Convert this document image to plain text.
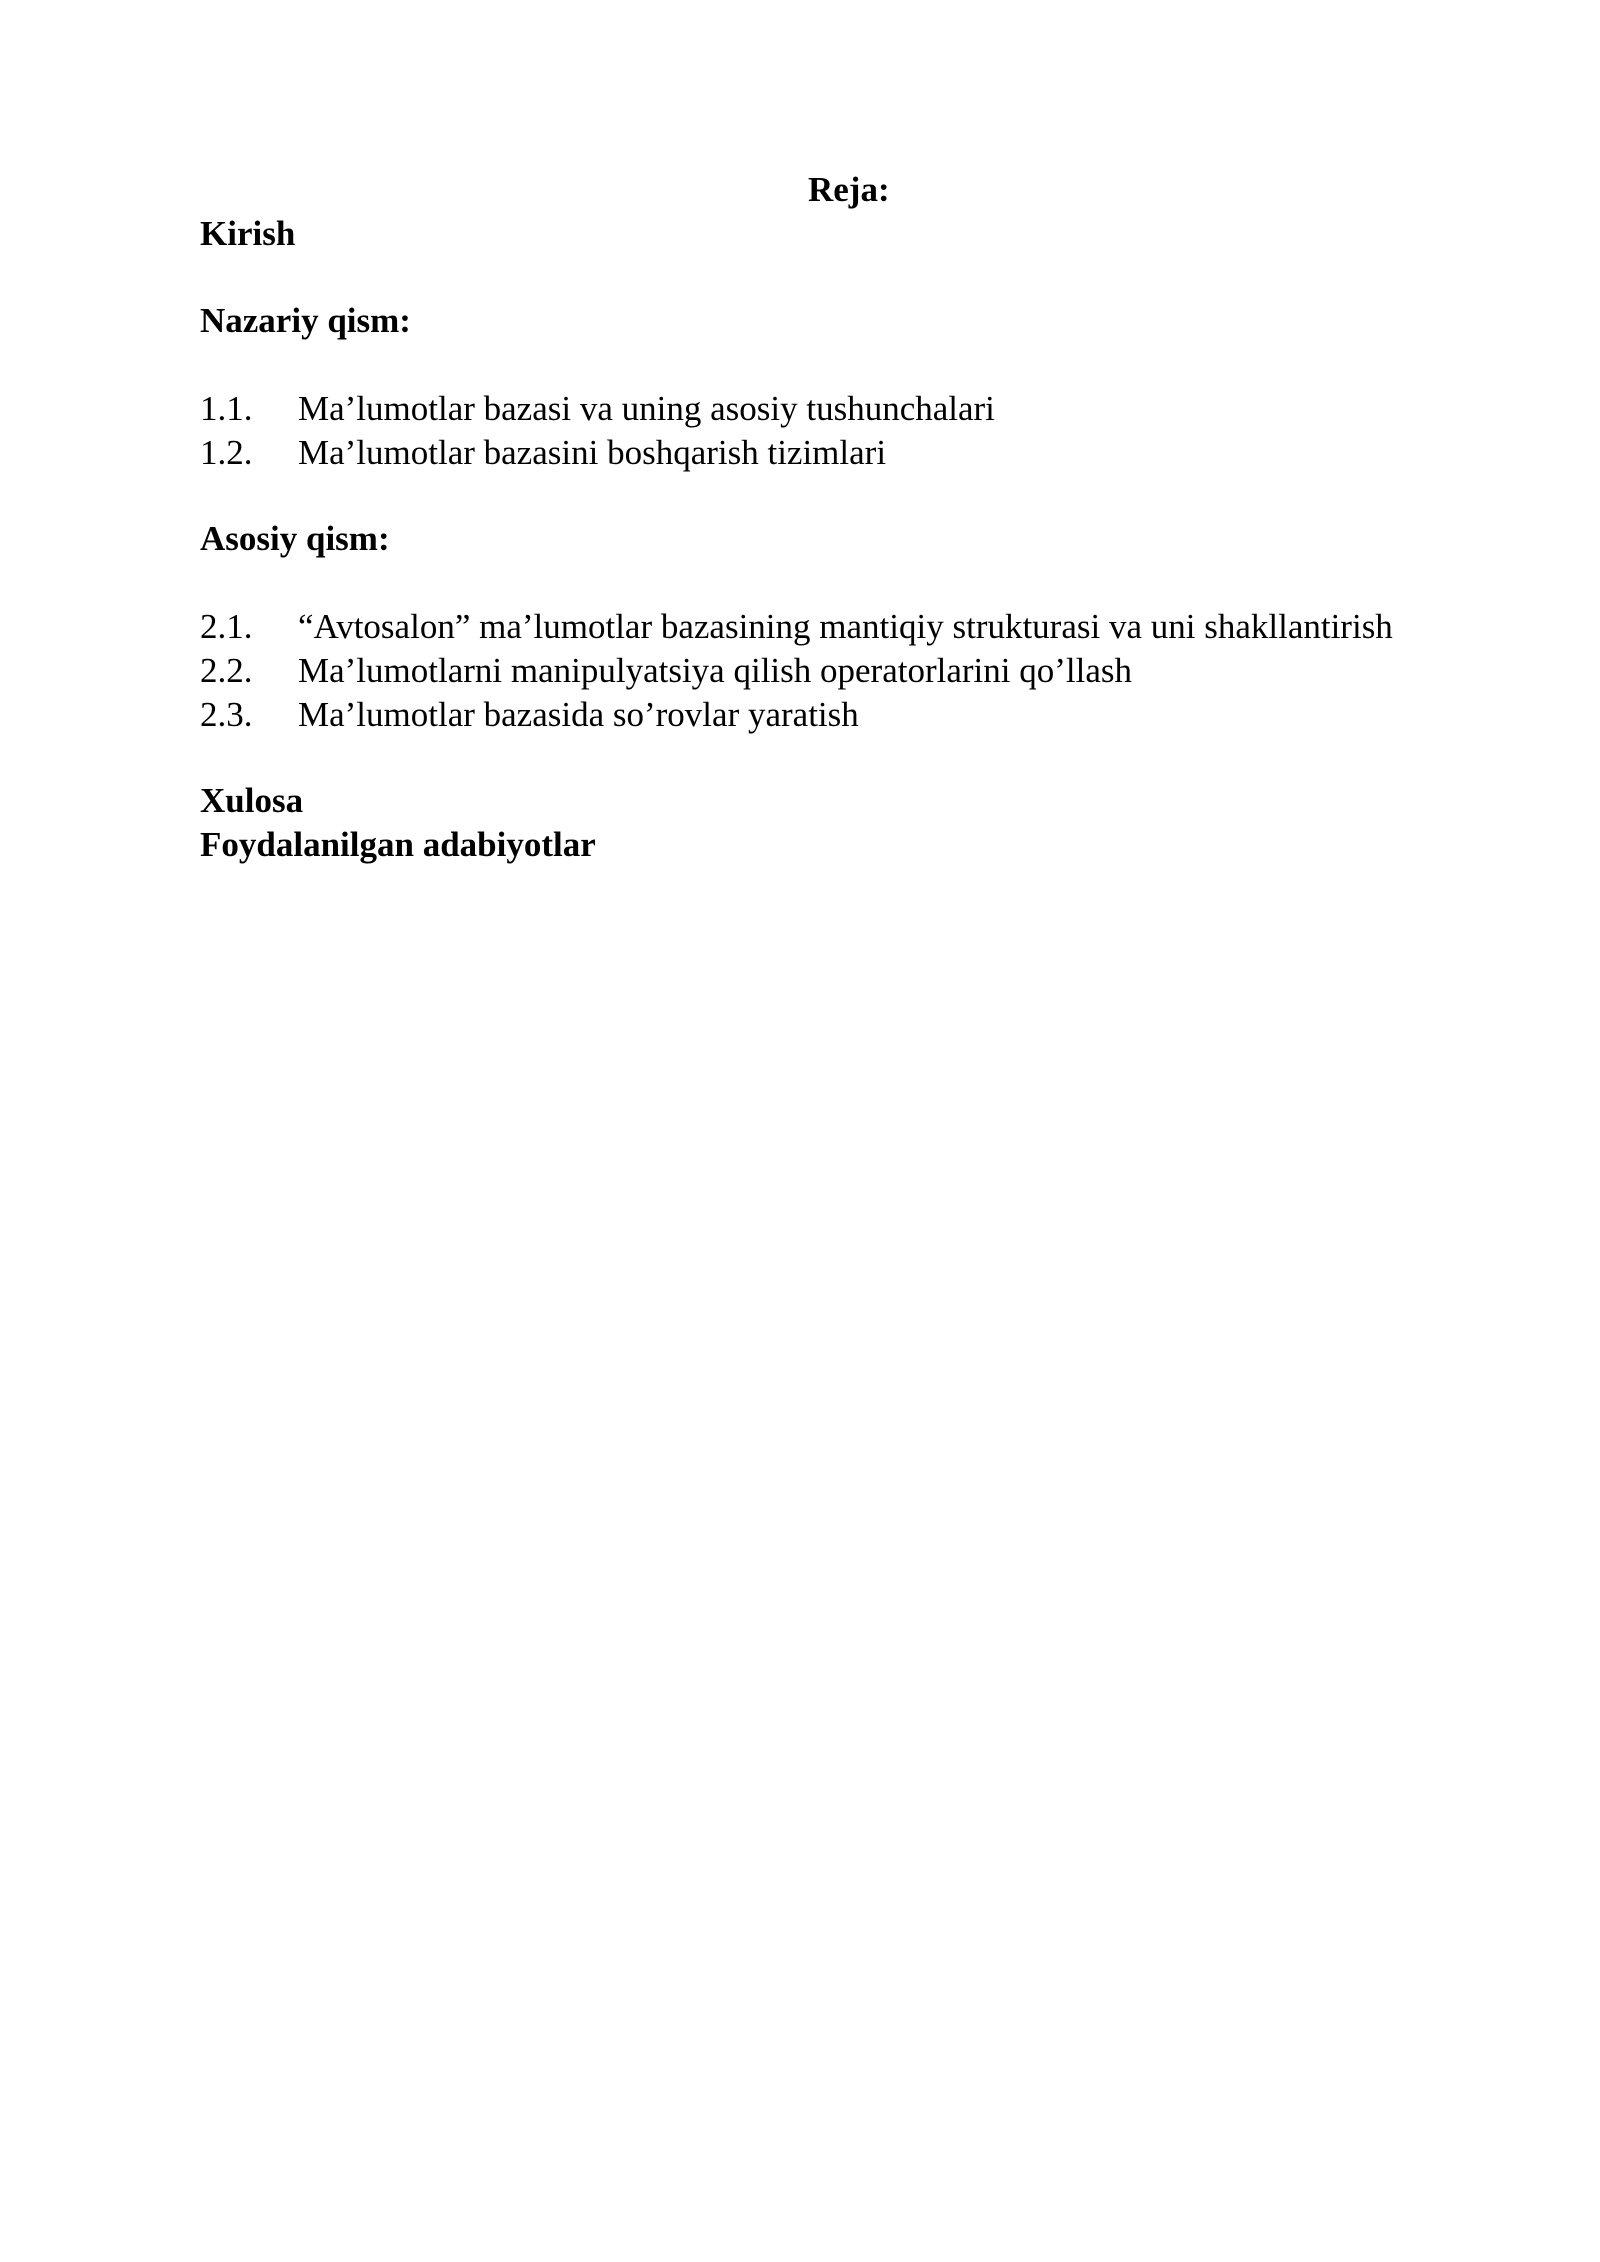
Reja:

Kirish

Nazariy qism:

1.1. Ma’lumotlar bazasi va uning asosiy tushunchalari
1.2. Ma’lumotlar bazasini boshqarish tizimlari

Asosiy qism:

2.1. “Avtosalon” ma’lumotlar bazasining mantiqiy strukturasi va uni shakllantirish
2.2. Ma’lumotlarni manipulyatsiya qilish operatorlarini qo’llash
2.3. Ma’lumotlar bazasida so’rovlar yaratish

Xulosa

Foydalanilgan adabiyotlar
